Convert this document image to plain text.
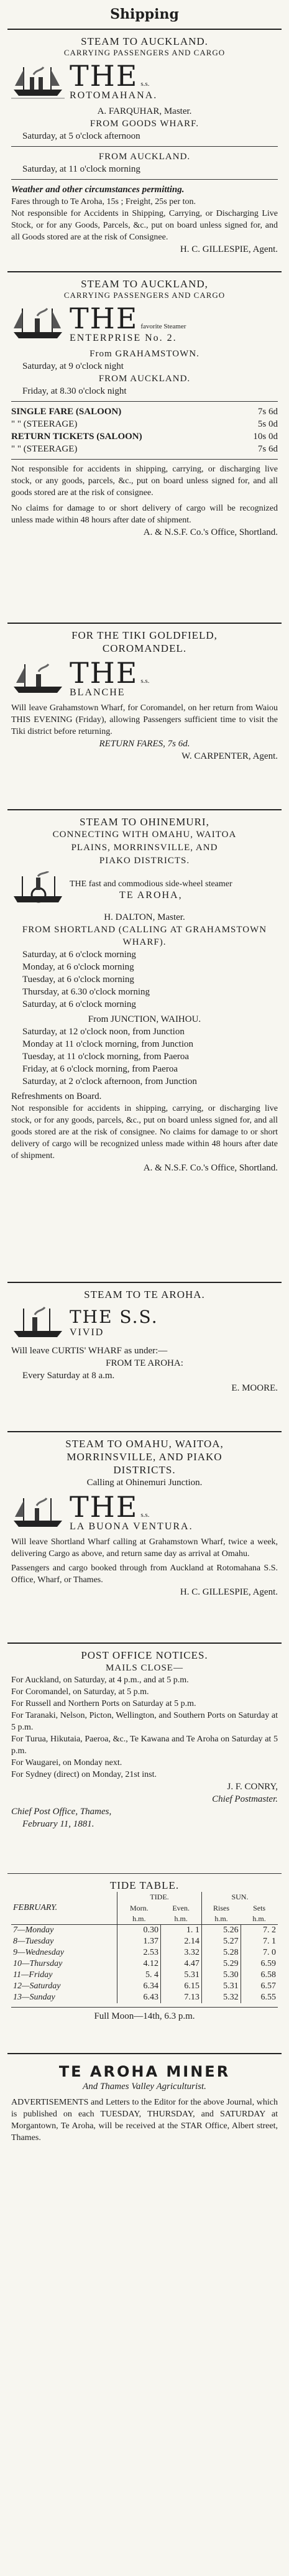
Shipping
STEAM TO AUCKLAND.
CARRYING PASSENGERS AND CARGO
THE s.s.
ROTOMAHANA.
A. FARQUHAR, Master.
FROM GOODS WHARF.
Saturday, at 5 o'clock afternoon
FROM AUCKLAND.
Saturday, at 11 o'clock morning
Weather and other circumstances permitting.
Fares through to Te Aroha, 15s ; Freight, 25s per ton.
Not responsible for Accidents in Shipping, Carrying, or Discharging Live Stock, or for any Goods, Parcels, &c., put on board unless signed for, and all Goods stored are at the risk of Consignee.
H. C. GILLESPIE, Agent.
STEAM TO AUCKLAND,
CARRYING PASSENGERS AND CARGO
THE favorite Steamer
ENTERPRISE No. 2.
From GRAHAMSTOWN.
Saturday, at 9 o'clock night
FROM AUCKLAND.
Friday, at 8.30 o'clock night
SINGLE FARE (SALOON)	7s 6d
" " (STEERAGE)	5s 0d
RETURN TICKETS (SALOON)	10s 0d
" " (STEERAGE)	7s 6d
Not responsible for accidents in shipping, carrying, or discharging live stock, or any goods, parcels, &c., put on board unless signed for, and all goods stored are at the risk of consignee.
No claims for damage to or short delivery of cargo will be recognized unless made within 48 hours after date of shipment.
A. & N.S.F. Co.'s Office, Shortland.
FOR THE TIKI GOLDFIELD,
COROMANDEL.
THE s.s.
BLANCHE
Will leave Grahamstown Wharf, for Coromandel, on her return from Waiou THIS EVENING (Friday), allowing Passengers sufficient time to visit the Tiki district before returning.
RETURN FARES, 7s 6d.
W. CARPENTER, Agent.
STEAM TO OHINEMURI,
CONNECTING WITH OMAHU, WAITOA
PLAINS, MORRINSVILLE, AND
PIAKO DISTRICTS.
THE fast and commodious side-wheel steamer
TE AROHA,
H. DALTON, Master.
FROM SHORTLAND (CALLING AT GRAHAMSTOWN WHARF).
Saturday, at 6 o'clock morning
Monday, at 6 o'clock morning
Tuesday, at 6 o'clock morning
Thursday, at 6.30 o'clock morning
Saturday, at 6 o'clock morning
From JUNCTION, WAIHOU.
Saturday, at 12 o'clock noon, from Junction
Monday at 11 o'clock morning, from Junction
Tuesday, at 11 o'clock morning, from Paeroa
Friday, at 6 o'clock morning, from Paeroa
Saturday, at 2 o'clock afternoon, from Junction
Refreshments on Board.
Not responsible for accidents in shipping, carrying, or discharging live stock, or for any goods, parcels, &c., put on board unless signed for, and all goods stored are at the risk of consignee. No claims for damage to or short delivery of cargo will be recognized unless made within 48 hours after date of shipment.
A. & N.S.F. Co.'s Office, Shortland.
STEAM TO TE AROHA.
THE S.S.
VIVID
Will leave CURTIS' WHARF as under:—
FROM TE AROHA:
Every Saturday at 8 a.m.
E. MOORE.
STEAM TO OMAHU, WAITOA,
MORRINSVILLE, AND PIAKO
DISTRICTS.
Calling at Ohinemuri Junction.
THE s.s.
LA BUONA VENTURA.
Will leave Shortland Wharf calling at Grahamstown Wharf, twice a week, delivering Cargo as above, and return same day as arrival at Omahu.
Passengers and cargo booked through from Auckland at Rotomahana S.S. Office, Wharf, or Thames.
H. C. GILLESPIE, Agent.
POST OFFICE NOTICES.
MAILS CLOSE—
For Auckland, on Saturday, at 4 p.m., and at 5 p.m.
For Coromandel, on Saturday, at 5 p.m.
For Russell and Northern Ports on Saturday at 5 p.m.
For Taranaki, Nelson, Picton, Wellington, and Southern Ports on Saturday at 5 p.m.
For Turua, Hikutaia, Paeroa, &c., Te Kawana and Te Aroha on Saturday at 5 p.m.
For Waugarei, on Monday next.
For Sydney (direct) on Monday, 21st inst.
J. F. CONRY,
Chief Postmaster.
Chief Post Office, Thames,
February 11, 1881.
TIDE TABLE.
	TIDE.		SUN.	
FEBRUARY.	Morn.	Even.	Rises	Sets
	h.m.	h.m.	h.m.	h.m.
7—Monday	0.30	1. 1	5.26	7. 2
8—Tuesday	1.37	2.14	5.27	7. 1
9—Wednesday	2.53	3.32	5.28	7. 0
10—Thursday	4.12	4.47	5.29	6.59
11—Friday	5. 4	5.31	5.30	6.58
12—Saturday	6.34	6.15	5.31	6.57
13—Sunday	6.43	7.13	5.32	6.55
Full Moon—14th, 6.3 p.m.
TE AROHA MINER
And Thames Valley Agriculturist.
ADVERTISEMENTS and Letters to the Editor for the above Journal, which is published on each TUESDAY, THURSDAY, and SATURDAY at Morgantown, Te Aroha, will be received at the STAR Office, Albert street, Thames.
